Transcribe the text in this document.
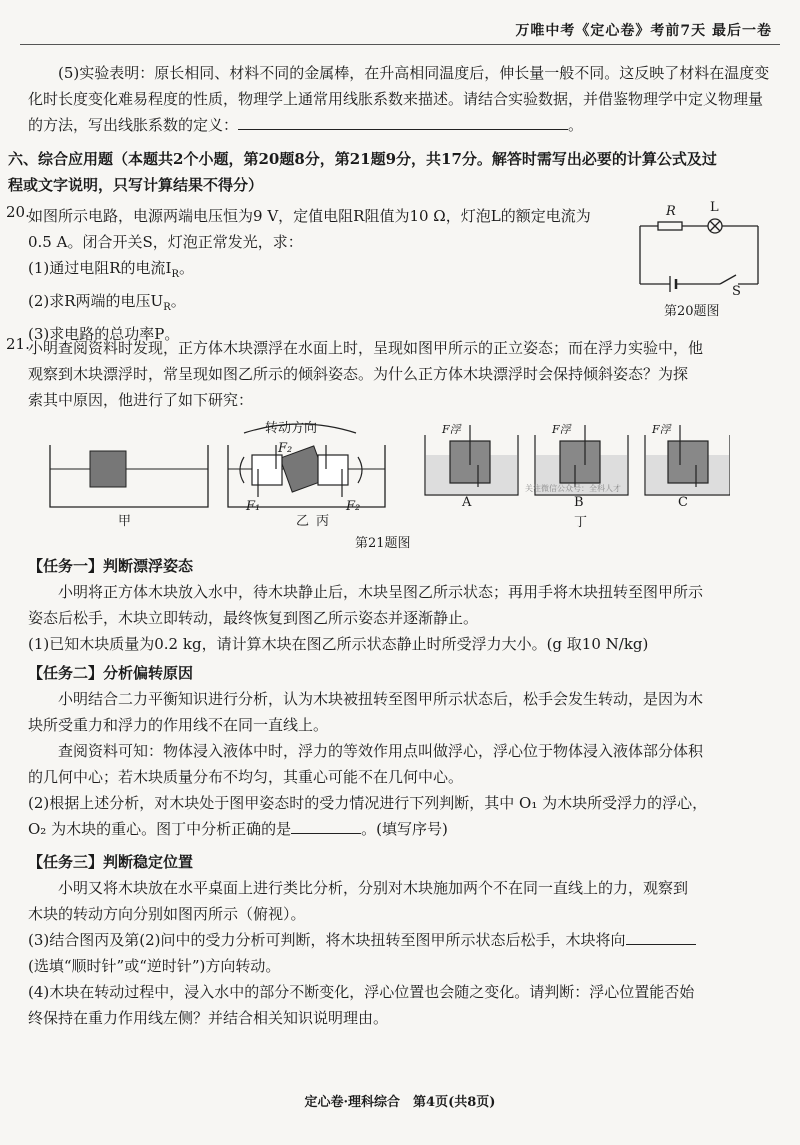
万唯中考《定心卷》考前7天 最后一卷
(5)实验表明：原长相同、材料不同的金属棒，在升高相同温度后，伸长量一般不同。这反映了材料在温度变化时长度变化难易程度的性质，物理学上通常用线胀系数来描述。请结合实验数据，并借鉴物理学中定义物理量的方法，写出线胀系数的定义：	。
六、综合应用题（本题共2个小题，第20题8分，第21题9分，共17分。解答时需写出必要的计算公式及过
程或文字说明，只写计算结果不得分）
20.
如图所示电路，电源两端电压恒为9 V，定值电阻R阻值为10 Ω，灯泡L的额定电流为
0.5 A。闭合开关S，灯泡正常发光，求：
(1)通过电阻R的电流$I_R$。
(2)求R两端的电压$U_R$。
(3)求电路的总功率P。
R	L
S
第20题图
21.
小明查阅资料时发现，正方体木块漂浮在水面上时，呈现如图甲所示的正立姿态；而在浮力实验中，他
观察到木块漂浮时，常呈现如图乙所示的倾斜姿态。为什么正方体木块漂浮时会保持倾斜姿态？为探
索其中原因，他进行了如下研究：
甲	乙
转动方向
F₁
F₂
F₂
丙
A	B	C
丁
F浮	F浮	F浮
关注微信公众号：全科人才
第21题图
【任务一】判断漂浮姿态
小明将正方体木块放入水中，待木块静止后，木块呈图乙所示状态；再用手将木块扭转至图甲所示
姿态后松手，木块立即转动，最终恢复到图乙所示姿态并逐渐静止。
(1)已知木块质量为0.2 kg，请计算木块在图乙所示状态静止时所受浮力大小。(g 取10 N/kg)
【任务二】分析偏转原因
小明结合二力平衡知识进行分析，认为木块被扭转至图甲所示状态后，松手会发生转动，是因为木
块所受重力和浮力的作用线不在同一直线上。
查阅资料可知：物体浸入液体中时，浮力的等效作用点叫做浮心，浮心位于物体浸入液体部分体积
的几何中心；若木块质量分布不均匀，其重心可能不在几何中心。
(2)根据上述分析，对木块处于图甲姿态时的受力情况进行下列判断，其中 O₁ 为木块所受浮力的浮心，
O₂ 为木块的重心。图丁中分析正确的是	。(填写序号)
【任务三】判断稳定位置
小明又将木块放在水平桌面上进行类比分析，分别对木块施加两个不在同一直线上的力，观察到
木块的转动方向分别如图丙所示（俯视）。
(3)结合图丙及第(2)问中的受力分析可判断，将木块扭转至图甲所示状态后松手，木块将向
(选填“顺时针”或“逆时针”)方向转动。
(4)木块在转动过程中，浸入水中的部分不断变化，浮心位置也会随之变化。请判断：浮心位置能否始
终保持在重力作用线左侧？并结合相关知识说明理由。
定心卷·理科综合　第4页(共8页)
